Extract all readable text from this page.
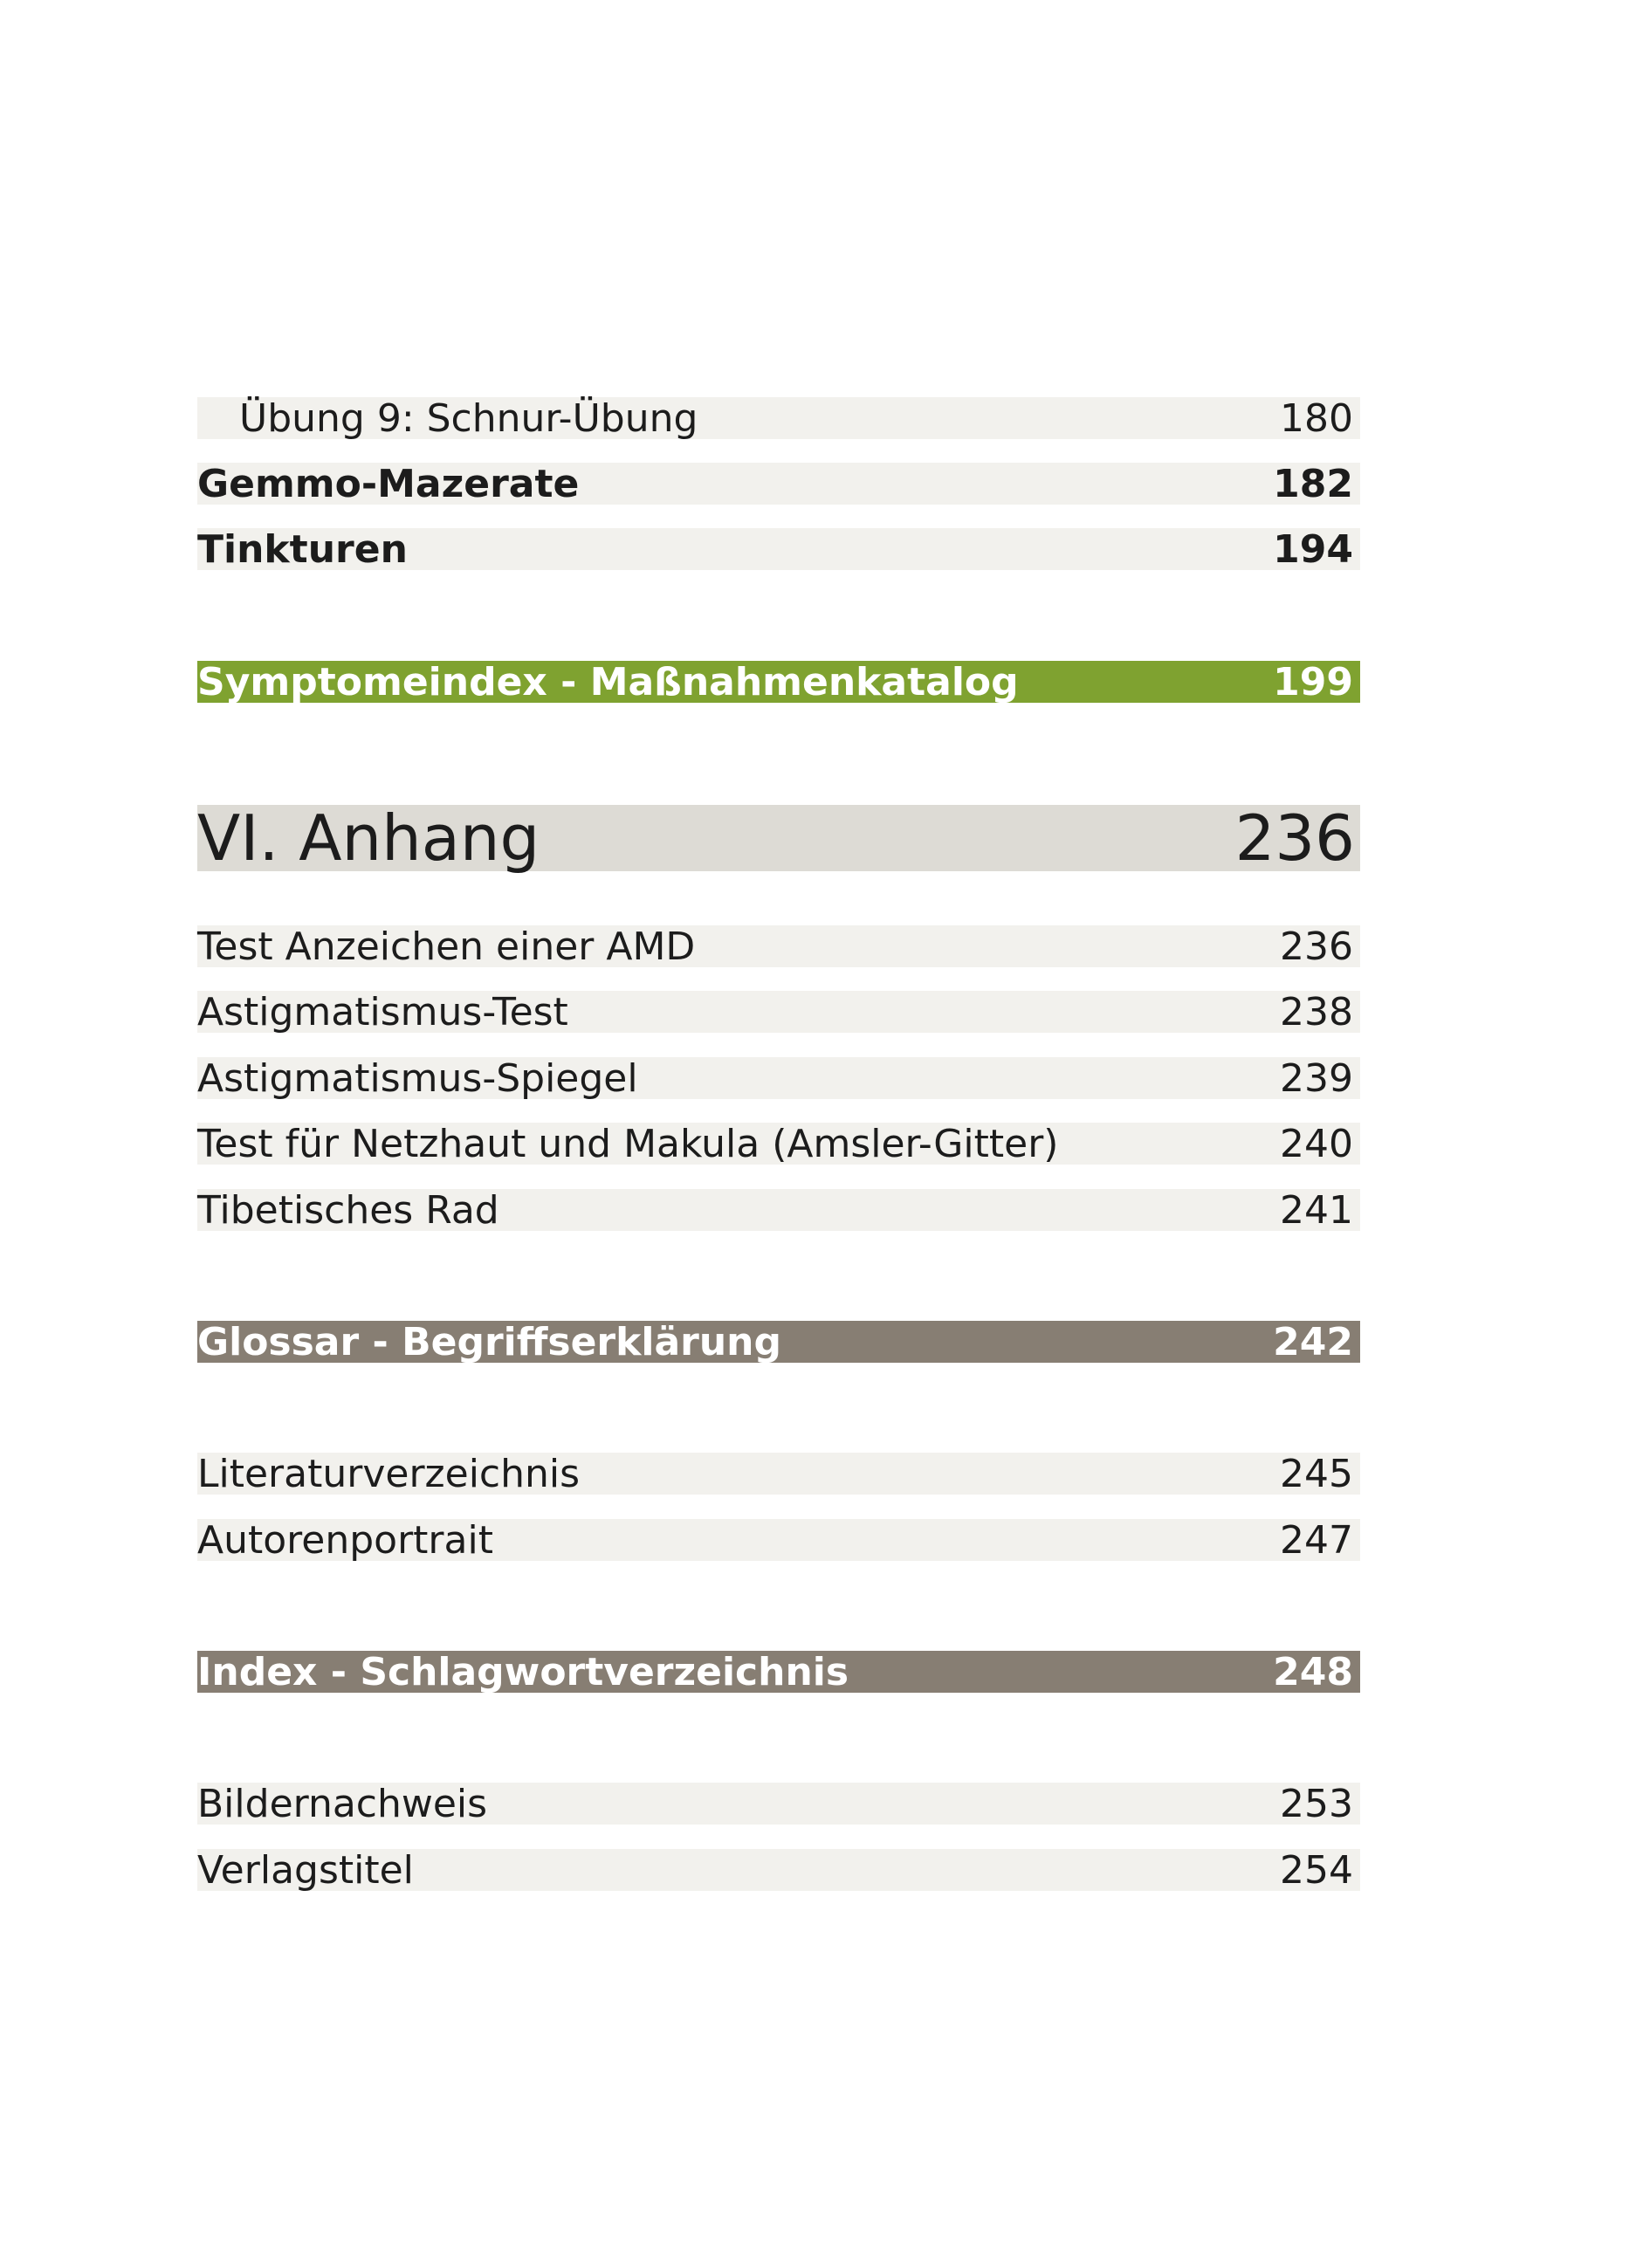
Übung 9: Schnur-Übung	180
Gemmo-Mazerate	182
Tinkturen	194
Symptomeindex - Maßnahmenkatalog	199
VI. Anhang	236
Test Anzeichen einer AMD	236
Astigmatismus-Test	238
Astigmatismus-Spiegel	239
Test für Netzhaut und Makula (Amsler-Gitter)	240
Tibetisches Rad	241
Glossar - Begriffserklärung	242
Literaturverzeichnis	245
Autorenportrait	247
Index - Schlagwortverzeichnis	248
Bildernachweis	253
Verlagstitel	254
